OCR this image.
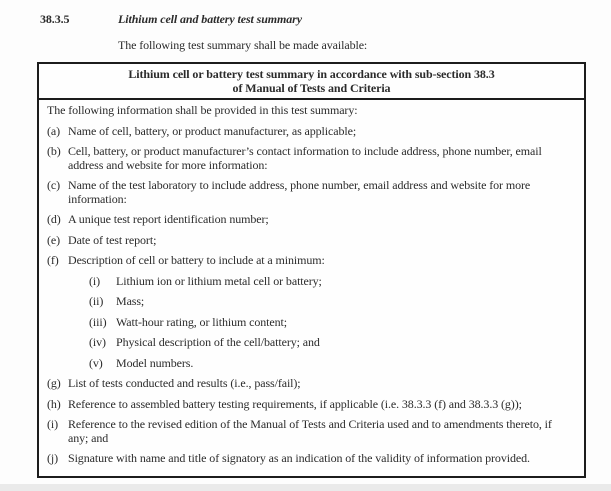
38.3.5	Lithium cell and battery test summary
The following test summary shall be made available:
Lithium cell or battery test summary in accordance with sub-section 38.3
of Manual of Tests and Criteria
The following information shall be provided in this test summary:
(a) Name of cell, battery, or product manufacturer, as applicable;
(b) Cell, battery, or product manufacturer’s contact information to include address, phone number, email address and website for more information:
(c) Name of the test laboratory to include address, phone number, email address and website for more information:
(d) A unique test report identification number;
(e) Date of test report;
(f) Description of cell or battery to include at a minimum:
(i)	Lithium ion or lithium metal cell or battery;
(ii)	Mass;
(iii) Watt-hour rating, or lithium content;
(iv) Physical description of the cell/battery; and
(v)	Model numbers.
(g) List of tests conducted and results (i.e., pass/fail);
(h) Reference to assembled battery testing requirements, if applicable (i.e. 38.3.3 (f) and 38.3.3 (g));
(i) Reference to the revised edition of the Manual of Tests and Criteria used and to amendments thereto, if any; and
(j) Signature with name and title of signatory as an indication of the validity of information provided.
